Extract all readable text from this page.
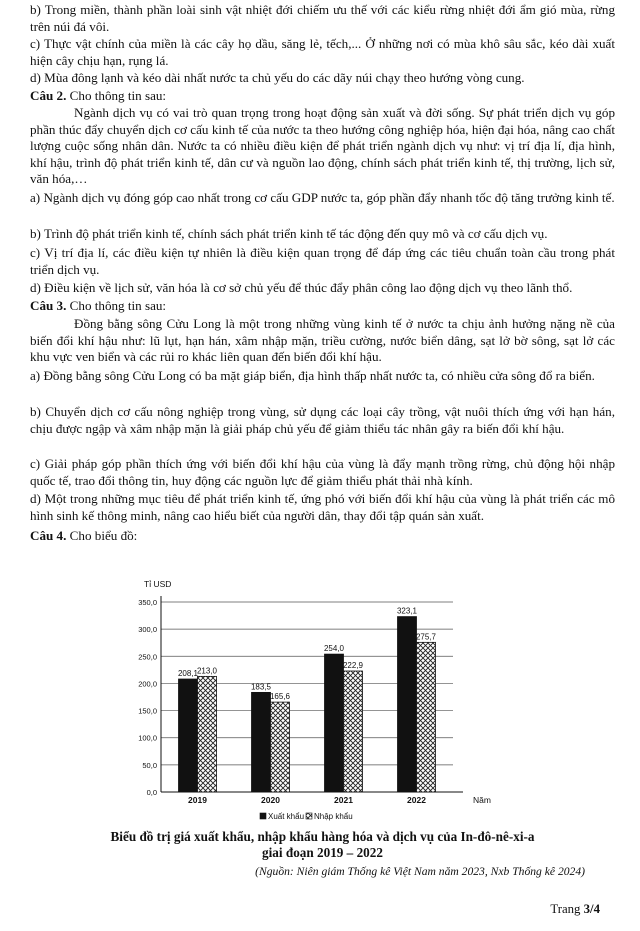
b) Trong miền, thành phần loài sinh vật nhiệt đới chiếm ưu thế với các kiểu rừng nhiệt đới ẩm gió mùa, rừng trên núi đá vôi.

c) Thực vật chính của miền là các cây họ dầu, săng lẻ, tếch,... Ở những nơi có mùa khô sâu sắc, kéo dài xuất hiện cây chịu hạn, rụng lá.

d) Mùa đông lạnh và kéo dài nhất nước ta chủ yếu do các dãy núi chạy theo hướng vòng cung.

Câu 2. Cho thông tin sau:

Ngành dịch vụ có vai trò quan trọng trong hoạt động sản xuất và đời sống. Sự phát triển dịch vụ góp phần thúc đẩy chuyển dịch cơ cấu kinh tế của nước ta theo hướng công nghiệp hóa, hiện đại hóa, nâng cao chất lượng cuộc sống nhân dân. Nước ta có nhiều điều kiện để phát triển ngành dịch vụ như: vị trí địa lí, địa hình, khí hậu, trình độ phát triển kinh tế, dân cư và nguồn lao động, chính sách phát triển kinh tế, thị trường, lịch sử, văn hóa,…

a) Ngành dịch vụ đóng góp cao nhất trong cơ cấu GDP nước ta, góp phần đẩy nhanh tốc độ tăng trưởng kinh tế.

b) Trình độ phát triển kinh tế, chính sách phát triển kinh tế tác động đến quy mô và cơ cấu dịch vụ.

c) Vị trí địa lí, các điều kiện tự nhiên là điều kiện quan trọng để đáp ứng các tiêu chuẩn toàn cầu trong phát triển dịch vụ.

d) Điều kiện về lịch sử, văn hóa là cơ sở chủ yếu để thúc đẩy phân công lao động dịch vụ theo lãnh thổ.

Câu 3. Cho thông tin sau:

Đồng bằng sông Cửu Long là một trong những vùng kinh tế ở nước ta chịu ảnh hưởng nặng nề của biến đổi khí hậu như: lũ lụt, hạn hán, xâm nhập mặn, triều cường, nước biển dâng, sạt lở bờ sông, sạt lở các khu vực ven biển và các rủi ro khác liên quan đến biến đổi khí hậu.

a) Đồng bằng sông Cửu Long có ba mặt giáp biển, địa hình thấp nhất nước ta, có nhiều cửa sông đổ ra biển.

b) Chuyển dịch cơ cấu nông nghiệp trong vùng, sử dụng các loại cây trồng, vật nuôi thích ứng với hạn hán, chịu được ngập và xâm nhập mặn là giải pháp chủ yếu để giảm thiểu tác nhân gây ra biến đổi khí hậu.

c) Giải pháp góp phần thích ứng với biến đổi khí hậu của vùng là đẩy mạnh trồng rừng, chủ động hội nhập quốc tế, trao đổi thông tin, huy động các nguồn lực để giảm thiểu phát thải nhà kính.

d) Một trong những mục tiêu để phát triển kinh tế, ứng phó với biến đổi khí hậu của vùng là phát triển các mô hình sinh kế thông minh, nâng cao hiểu biết của người dân, thay đổi tập quán sản xuất.

Câu 4. Cho biểu đồ:

0,0
50,0
100,0
150,0
200,0
250,0
300,0
350,0
Tỉ USD
Năm
208,1
213,0
2019
183,5
165,6
2020
254,0
222,9
2021
323,1
275,7
2022
Xuất khẩu Nhập khẩu

Biểu đồ trị giá xuất khẩu, nhập khẩu hàng hóa và dịch vụ của In-đô-nê-xi-a

giai đoạn 2019 – 2022

(Nguồn: Niên giám Thống kê Việt Nam năm 2023, Nxb Thống kê 2024)

Trang 3/4
